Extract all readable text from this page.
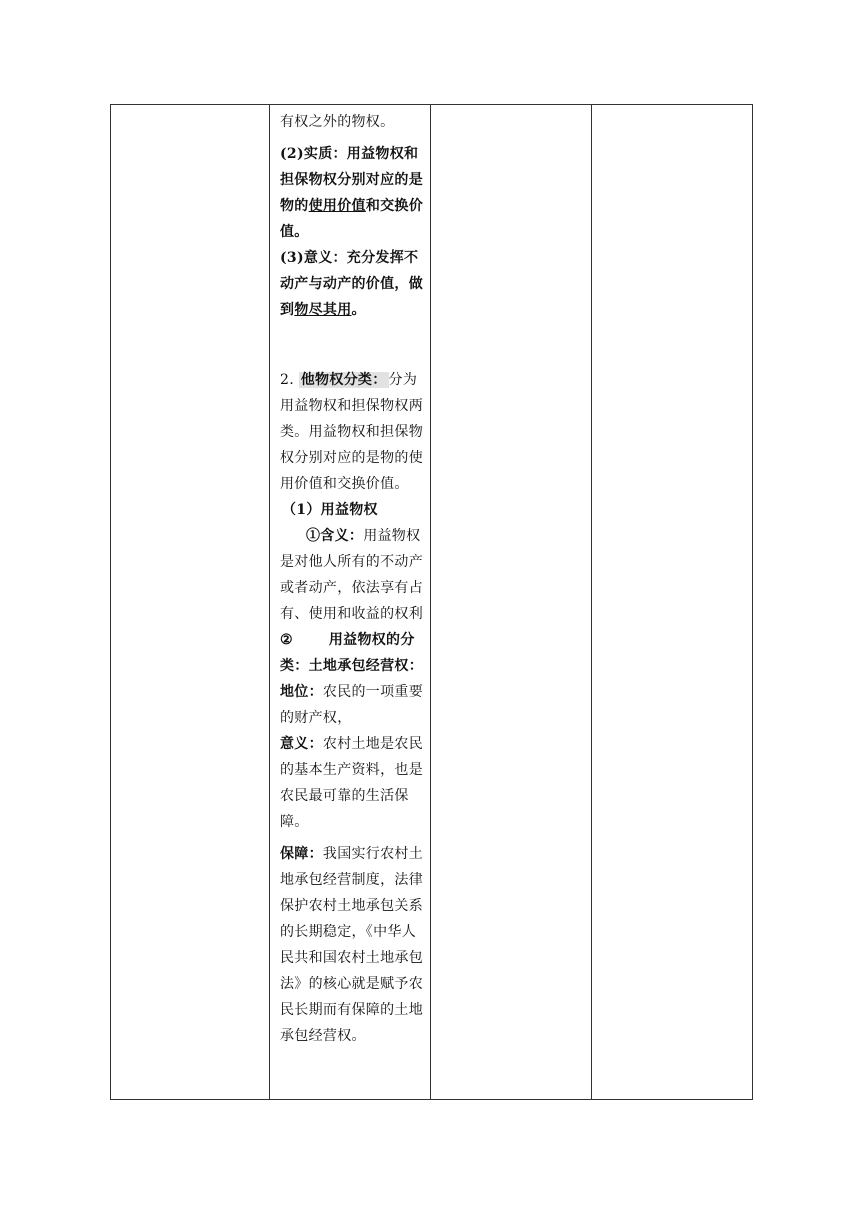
有权之外的物权。

(2)实质：用益物权和担保物权分别对应的是物的使用价值和交换价值。

(3)意义：充分发挥不动产与动产的价值，做到物尽其用。

2. 他物权分类： 分为用益物权和担保物权两类。用益物权和担保物权分别对应的是物的使用价值和交换价值。

（1）用益物权

①含义：用益物权是对他人所有的不动产或者动产，依法享有占有、使用和收益的权利

②	用益物权的分类：土地承包经营权：

地位：农民的一项重要的财产权，

意义：农村土地是农民的基本生产资料，也是农民最可靠的生活保障。

保障：我国实行农村土地承包经营制度，法律保护农村土地承包关系的长期稳定，《中华人民共和国农村土地承包法》的核心就是赋予农民长期而有保障的土地承包经营权。
